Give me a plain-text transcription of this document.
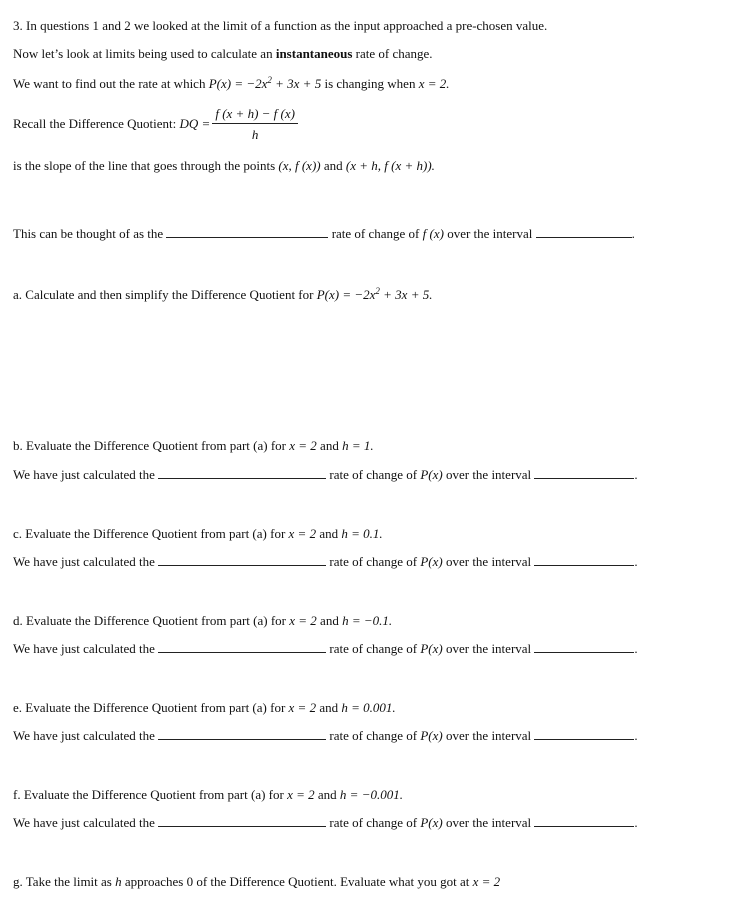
3. In questions 1 and 2 we looked at the limit of a function as the input approached a pre-chosen value.
Now let’s look at limits being used to calculate an instantaneous rate of change.
We want to find out the rate at which $P(x) = -2x^2 + 3x + 5$ is changing when x = 2.
Recall the Difference Quotient: DQ = $\frac{f (x + h) - f (x)}{h}$
is the slope of the line that goes through the points (x, f (x)) and (x + h, f (x + h)).
This can be thought of as the	rate of change of f (x) over the interval	.
a. Calculate and then simplify the Difference Quotient for $P(x) = -2x^2 + 3x + 5$.
b. Evaluate the Difference Quotient from part (a) for x = 2 and h = 1.
We have just calculated the	rate of change of P(x) over the interval	.
c. Evaluate the Difference Quotient from part (a) for x = 2 and h = 0.1.
We have just calculated the	rate of change of P(x) over the interval	.
d. Evaluate the Difference Quotient from part (a) for x = 2 and h = −0.1.
We have just calculated the	rate of change of P(x) over the interval	.
e. Evaluate the Difference Quotient from part (a) for x = 2 and h = 0.001.
We have just calculated the	rate of change of P(x) over the interval	.
f. Evaluate the Difference Quotient from part (a) for x = 2 and h = −0.001.
We have just calculated the	rate of change of P(x) over the interval	.
g. Take the limit as h approaches 0 of the Difference Quotient. Evaluate what you got at x = 2
